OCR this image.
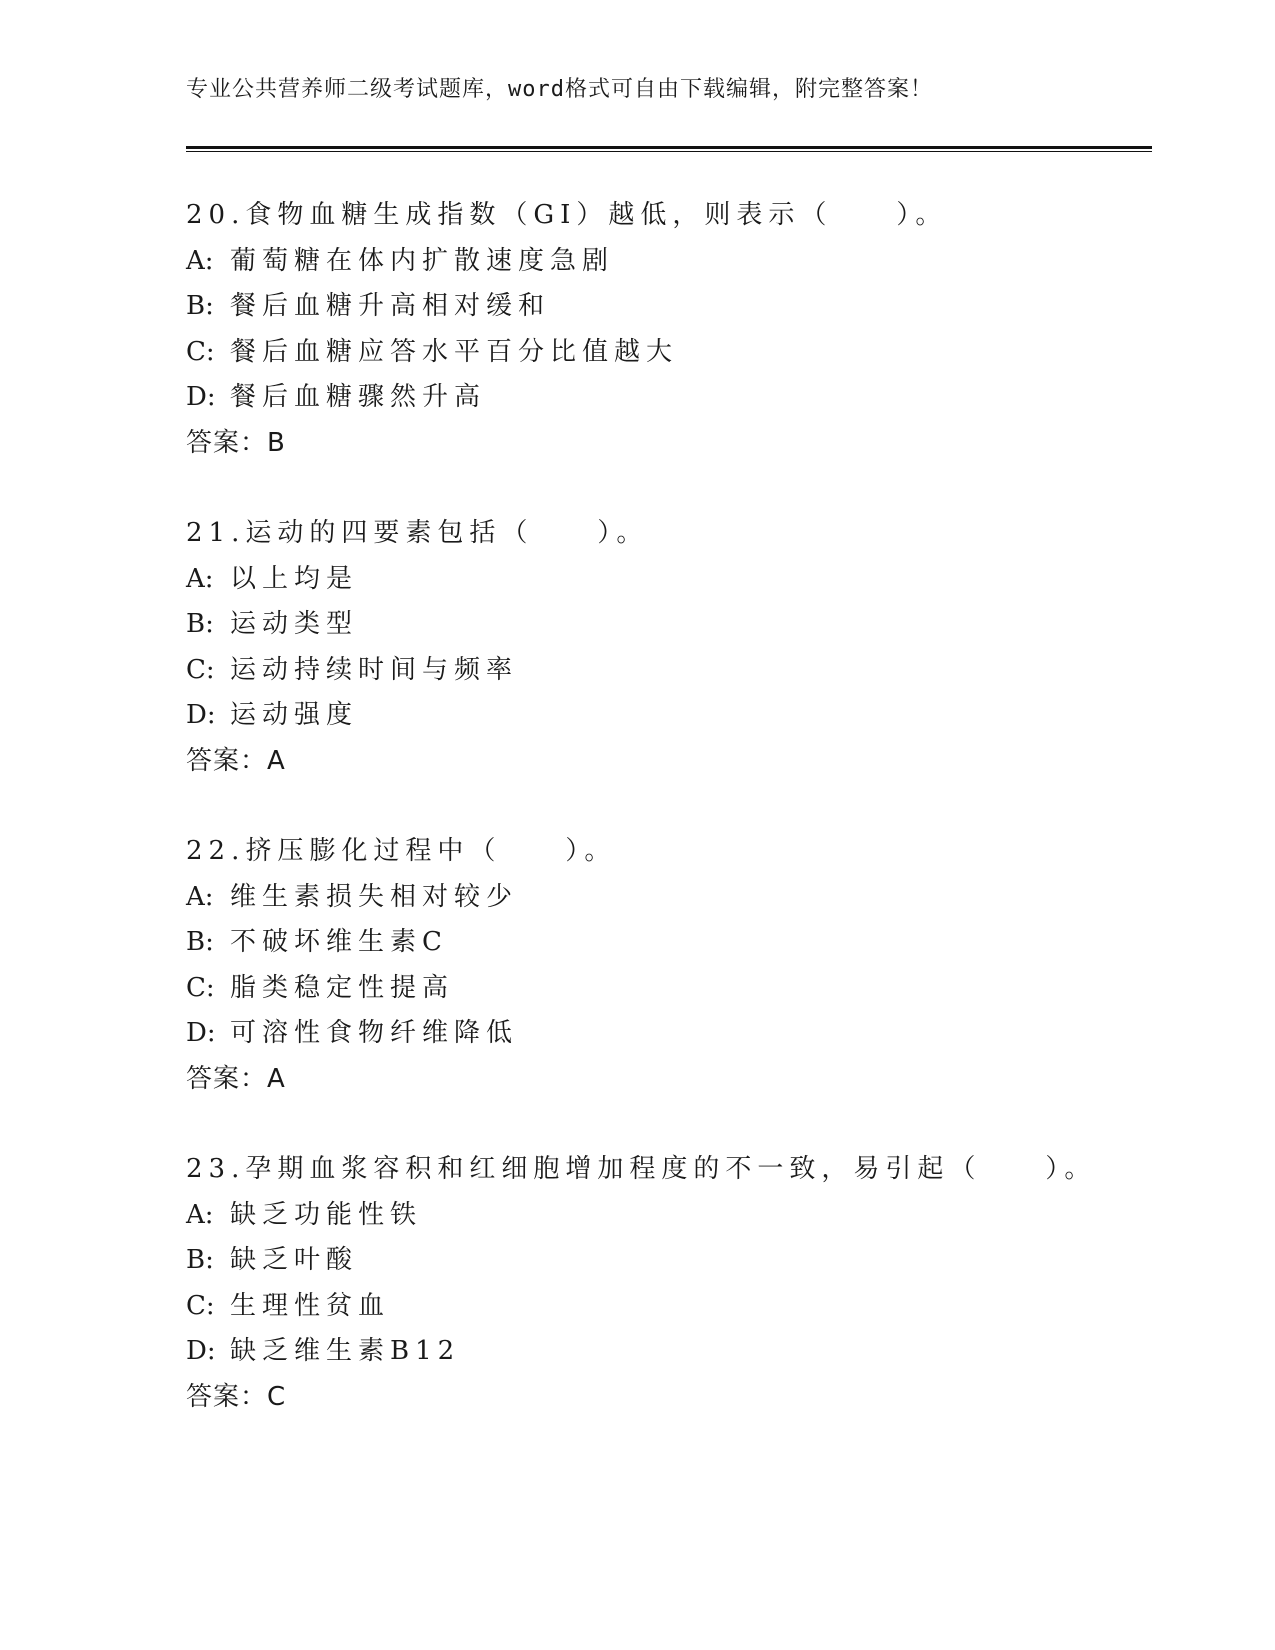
专业公共营养师二级考试题库，word格式可自由下载编辑，附完整答案！
20.食物血糖生成指数（GI）越低，则表示（　　）。
A: 葡萄糖在体内扩散速度急剧
B: 餐后血糖升高相对缓和
C: 餐后血糖应答水平百分比值越大
D: 餐后血糖骤然升高
答案：B
21.运动的四要素包括（　　）。
A: 以上均是
B: 运动类型
C: 运动持续时间与频率
D: 运动强度
答案：A
22.挤压膨化过程中（　　）。
A: 维生素损失相对较少
B: 不破坏维生素C
C: 脂类稳定性提高
D: 可溶性食物纤维降低
答案：A
23.孕期血浆容积和红细胞增加程度的不一致，易引起（　　）。
A: 缺乏功能性铁
B: 缺乏叶酸
C: 生理性贫血
D: 缺乏维生素B12
答案：C
